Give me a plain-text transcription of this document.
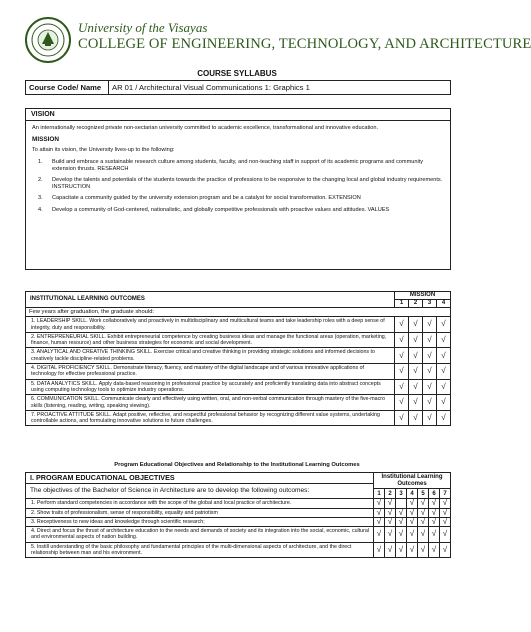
University of the Visayas
COLLEGE OF ENGINEERING, TECHNOLOGY, AND ARCHITECTURE
COURSE SYLLABUS
Course Code/ Name	AR 01 / Architectural Visual Communications 1: Graphics 1
VISION

An internationally recognized private non-sectarian university committed to academic excellence, transformational and innovative education.

MISSION

To attain its vision, the University lives-up to the following:

1.	Build and embrace a sustainable research culture among students, faculty, and non-teaching staff in support of its academic programs and community extension thrusts. RESEARCH
2.	Develop the talents and potentials of the students towards the practice of professions to be responsive to the changing local and global industry requirements. INSTRUCTION
3.	Capacitate a community guided by the university extension program and be a catalyst for social transformation. EXTENSION
4.	Develop a community of God-centered, nationalistic, and globally competitive professionals with proactive values and attitudes. VALUES
INSTITUTIONAL LEARNING OUTCOMES	MISSION			
	1	2	3	4
Few years after graduation, the graduate should:				
1. LEADERSHIP SKILL. Work collaboratively and proactively in multidisciplinary and multicultural teams and take leadership roles with a deep sense of integrity, duty and responsibility.	√	√	√	√
2. ENTREPRENEURIAL SKILL. Exhibit entrepreneurial competence by creating business ideas and manage the functional areas (operation, marketing, finance, human resource) and other business strategies for economic and social development.	√	√	√	√
3. ANALYTICAL AND CREATIVE THINKING SKILL. Exercise critical and creative thinking in providing strategic solutions and informed decisions to creatively tackle discipline-related problems.	√	√	√	√
4. DIGITAL PROFICIENCY SKILL. Demonstrate literacy, fluency, and mastery of the digital landscape and of various innovative applications of technology for effective professional practice.	√	√	√	√
5. DATA ANALYTICS SKILL. Apply data-based reasoning in professional practice by accurately and proficiently translating data into abstract concepts using computing technology tools to optimize industry operations.	√	√	√	√
6. COMMUNICATION SKILL. Communicate clearly and effectively using written, oral, and non-verbal communication through mastery of the five-macro skills (listening, reading, writing, speaking viewing).	√	√	√	√
7. PROACTIVE ATTITUDE SKILL. Adapt positive, reflective, and respectful professional behavior by recognizing different value systems, undertaking controllable actions, and formulating innovative solutions to future challenges.	√	√	√	√
Program Educational Objectives and Relationship to the Institutional Learning Outcomes
I. PROGRAM EDUCATIONAL OBJECTIVES	Institutional Learning Outcomes						
The objectives of the Bachelor of Science in Architecture are to develop the following outcomes:							
	1	2	3	4	5	6	7
1. Perform standard competencies in accordance with the scope of the global and local practice of architecture.	√	√		√	√	√	√
2. Show traits of professionalism, sense of responsibility, equality and patriotism	√	√	√	√	√	√	√
3. Receptiveness to new ideas and knowledge through scientific research;	√	√	√	√	√	√	√
4. Direct and focus the thrust of architecture education to the needs and demands of society and its integration into the social, economic, cultural and environmental aspects of nation building.	√	√	√	√	√	√	√
5. Instill understanding of the basic philosophy and fundamental principles of the multi-dimensional aspects of architecture, and the direct relationship between man and his environment.	√	√	√	√	√	√	√
